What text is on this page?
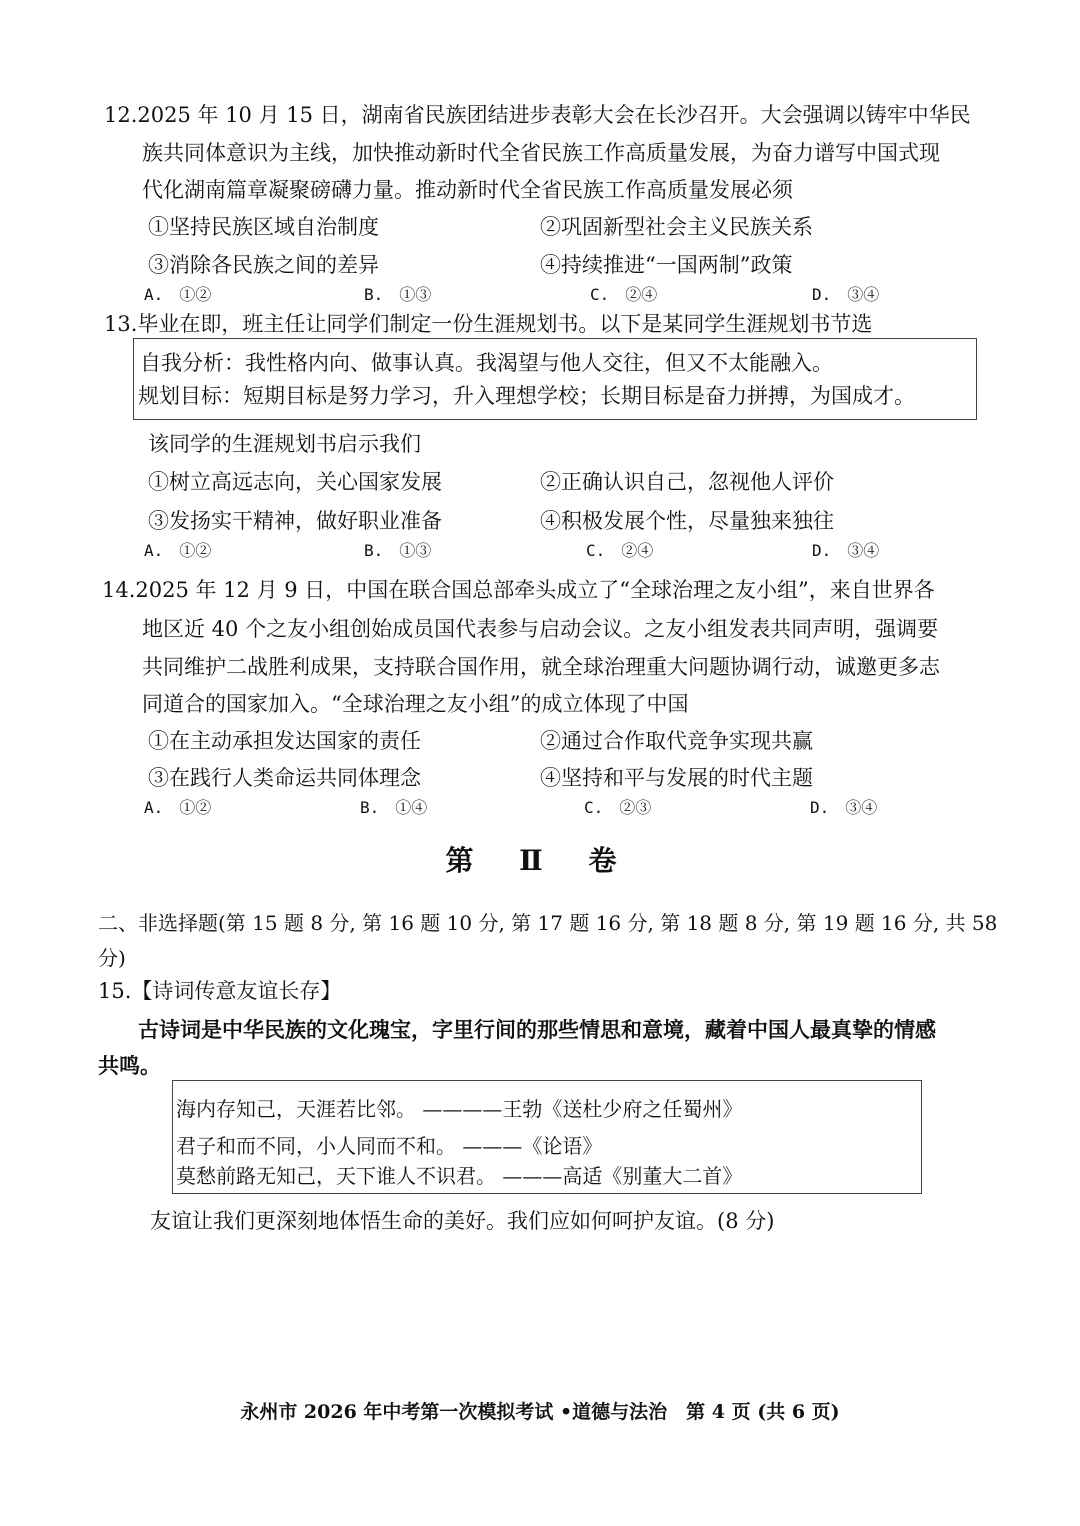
12.2025 年 10 月 15 日，湖南省民族团结进步表彰大会在长沙召开。大会强调以铸牢中华民
族共同体意识为主线，加快推动新时代全省民族工作高质量发展，为奋力谱写中国式现
代化湖南篇章凝聚磅礴力量。推动新时代全省民族工作高质量发展必须
①坚持民族区域自治制度	②巩固新型社会主义民族关系
③消除各民族之间的差异	④持续推进“一国两制”政策
A.　①②	B.　①③	C.　②④	D.　③④
13.毕业在即，班主任让同学们制定一份生涯规划书。以下是某同学生涯规划书节选
自我分析：我性格内向、做事认真。我渴望与他人交往，但又不太能融入。
规划目标：短期目标是努力学习，升入理想学校；长期目标是奋力拼搏，为国成才。
该同学的生涯规划书启示我们
①树立高远志向，关心国家发展	②正确认识自己，忽视他人评价
③发扬实干精神，做好职业准备	④积极发展个性，尽量独来独往
A.　①②	B.　①③	C.　②④	D.　③④
14.2025 年 12 月 9 日，中国在联合国总部牵头成立了“全球治理之友小组”，来自世界各
地区近 40 个之友小组创始成员国代表参与启动会议。之友小组发表共同声明，强调要
共同维护二战胜利成果，支持联合国作用，就全球治理重大问题协调行动，诚邀更多志
同道合的国家加入。“全球治理之友小组”的成立体现了中国
①在主动承担发达国家的责任	②通过合作取代竞争实现共赢
③在践行人类命运共同体理念	④坚持和平与发展的时代主题
A.　①②	B.　①④	C.　②③	D.　③④
第 Ⅱ 卷
二、非选择题(第 15 题 8 分, 第 16 题 10 分, 第 17 题 16 分, 第 18 题 8 分, 第 19 题 16 分, 共 58
分)
15.【诗词传意友谊长存】
古诗词是中华民族的文化瑰宝，字里行间的那些情思和意境，藏着中国人最真挚的情感
共鸣。
海内存知己，天涯若比邻。 ————王勃《送杜少府之任蜀州》
君子和而不同，小人同而不和。 ———《论语》
莫愁前路无知己，天下谁人不识君。 ———高适《别董大二首》
友谊让我们更深刻地体悟生命的美好。我们应如何呵护友谊。(8 分)
永州市 2026 年中考第一次模拟考试 •道德与法治　第 4 页 (共 6 页)
